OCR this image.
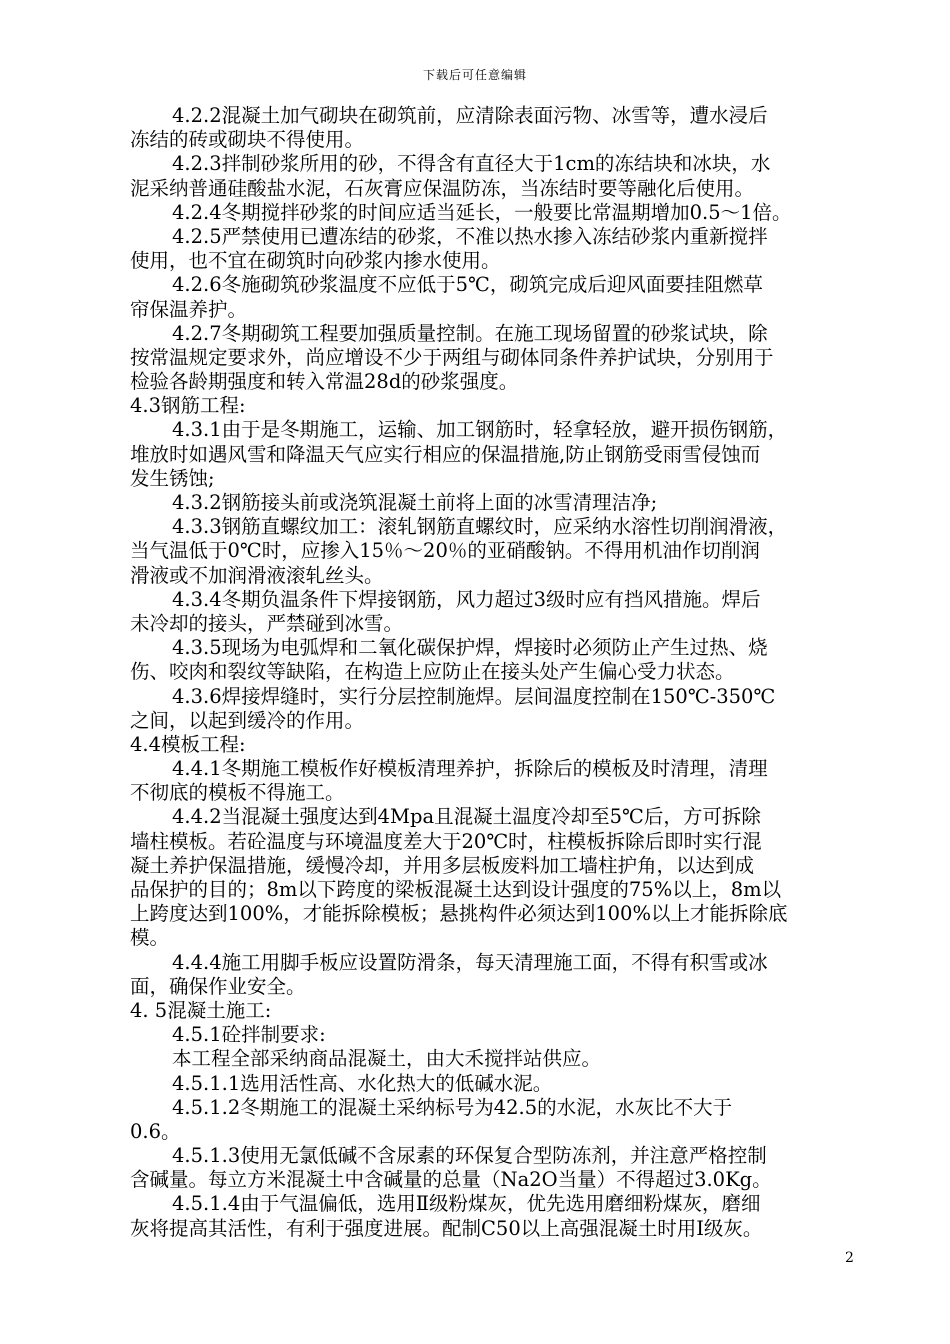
下载后可任意编辑
4.2.2混凝土加气砌块在砌筑前，应清除表面污物、冰雪等，遭水浸后
冻结的砖或砌块不得使用。
4.2.3拌制砂浆所用的砂，不得含有直径大于1cm的冻结块和冰块，水
泥采纳普通硅酸盐水泥，石灰膏应保温防冻，当冻结时要等融化后使用。
4.2.4冬期搅拌砂浆的时间应适当延长，一般要比常温期增加0.5～1倍。
4.2.5严禁使用已遭冻结的砂浆，不准以热水掺入冻结砂浆内重新搅拌
使用，也不宜在砌筑时向砂浆内掺水使用。
4.2.6冬施砌筑砂浆温度不应低于5℃，砌筑完成后迎风面要挂阻燃草
帘保温养护。
4.2.7冬期砌筑工程要加强质量控制。在施工现场留置的砂浆试块，除
按常温规定要求外，尚应增设不少于两组与砌体同条件养护试块，分别用于
检验各龄期强度和转入常温28d的砂浆强度。
4.3钢筋工程:
4.3.1由于是冬期施工，运输、加工钢筋时，轻拿轻放，避开损伤钢筋，
堆放时如遇风雪和降温天气应实行相应的保温措施,防止钢筋受雨雪侵蚀而
发生锈蚀;
4.3.2钢筋接头前或浇筑混凝土前将上面的冰雪清理洁净;
4.3.3钢筋直螺纹加工：滚轧钢筋直螺纹时，应采纳水溶性切削润滑液，
当气温低于0℃时，应掺入15％～20％的亚硝酸钠。不得用机油作切削润
滑液或不加润滑液滚轧丝头。
4.3.4冬期负温条件下焊接钢筋，风力超过3级时应有挡风措施。焊后
未冷却的接头，严禁碰到冰雪。
4.3.5现场为电弧焊和二氧化碳保护焊，焊接时必须防止产生过热、烧
伤、咬肉和裂纹等缺陷，在构造上应防止在接头处产生偏心受力状态。
4.3.6焊接焊缝时，实行分层控制施焊。层间温度控制在150℃-350℃
之间，以起到缓冷的作用。
4.4模板工程:
4.4.1冬期施工模板作好模板清理养护，拆除后的模板及时清理，清理
不彻底的模板不得施工。
4.4.2当混凝土强度达到4Mpa且混凝土温度冷却至5℃后，方可拆除
墙柱模板。若砼温度与环境温度差大于20℃时，柱模板拆除后即时实行混
凝土养护保温措施，缓慢冷却，并用多层板废料加工墙柱护角，以达到成
品保护的目的；8m以下跨度的梁板混凝土达到设计强度的75%以上，8m以
上跨度达到100%，才能拆除模板；悬挑构件必须达到100%以上才能拆除底
模。
4.4.4施工用脚手板应设置防滑条，每天清理施工面，不得有积雪或冰
面，确保作业安全。
4. 5混凝土施工:
4.5.1砼拌制要求:
本工程全部采纳商品混凝土，由大禾搅拌站供应。
4.5.1.1选用活性高、水化热大的低碱水泥。
4.5.1.2冬期施工的混凝土采纳标号为42.5的水泥，水灰比不大于
0.6。
4.5.1.3使用无氯低碱不含尿素的环保复合型防冻剂，并注意严格控制
含碱量。每立方米混凝土中含碱量的总量（Na2O当量）不得超过3.0Kg。
4.5.1.4由于气温偏低，选用Ⅱ级粉煤灰，优先选用磨细粉煤灰，磨细
灰将提高其活性，有利于强度进展。配制C50以上高强混凝土时用Ⅰ级灰。
2
